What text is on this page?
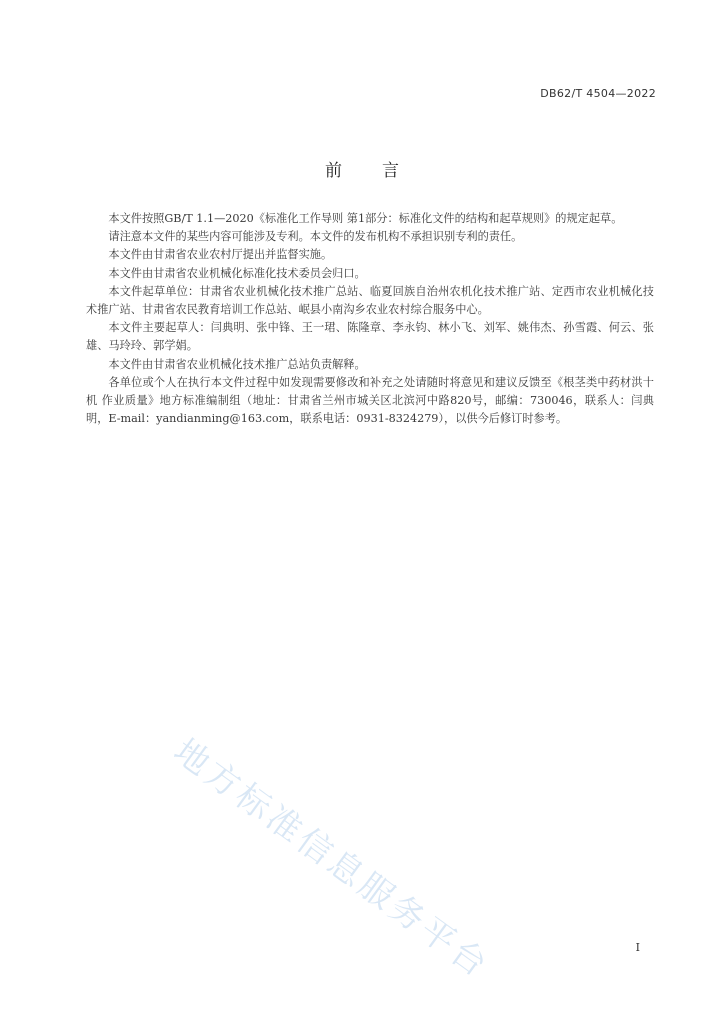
DB62/T 4504—2022
前言

本文件按照GB/T 1.1—2020《标准化工作导则 第1部分：标准化文件的结构和起草规则》的规定起草。

请注意本文件的某些内容可能涉及专利。本文件的发布机构不承担识别专利的责任。

本文件由甘肃省农业农村厅提出并监督实施。

本文件由甘肃省农业机械化标准化技术委员会归口。

本文件起草单位：甘肃省农业机械化技术推广总站、临夏回族自治州农机化技术推广站、定西市农业机械化技术推广站、甘肃省农民教育培训工作总站、岷县小南沟乡农业农村综合服务中心。

本文件主要起草人：闫典明、张中锋、王一珺、陈隆章、李永钧、林小飞、刘军、姚伟杰、孙雪霞、何云、张雄、马玲玲、郭学娟。

本文件由甘肃省农业机械化技术推广总站负责解释。

各单位或个人在执行本文件过程中如发现需要修改和补充之处请随时将意见和建议反馈至《根茎类中药材洪十机 作业质量》地方标准编制组（地址：甘肃省兰州市城关区北滨河中路820号，邮编：730046，联系人：闫典明，E-mail：yandianming@163.com，联系电话：0931-8324279），以供今后修订时参考。

地方标准信息服务平台	I
